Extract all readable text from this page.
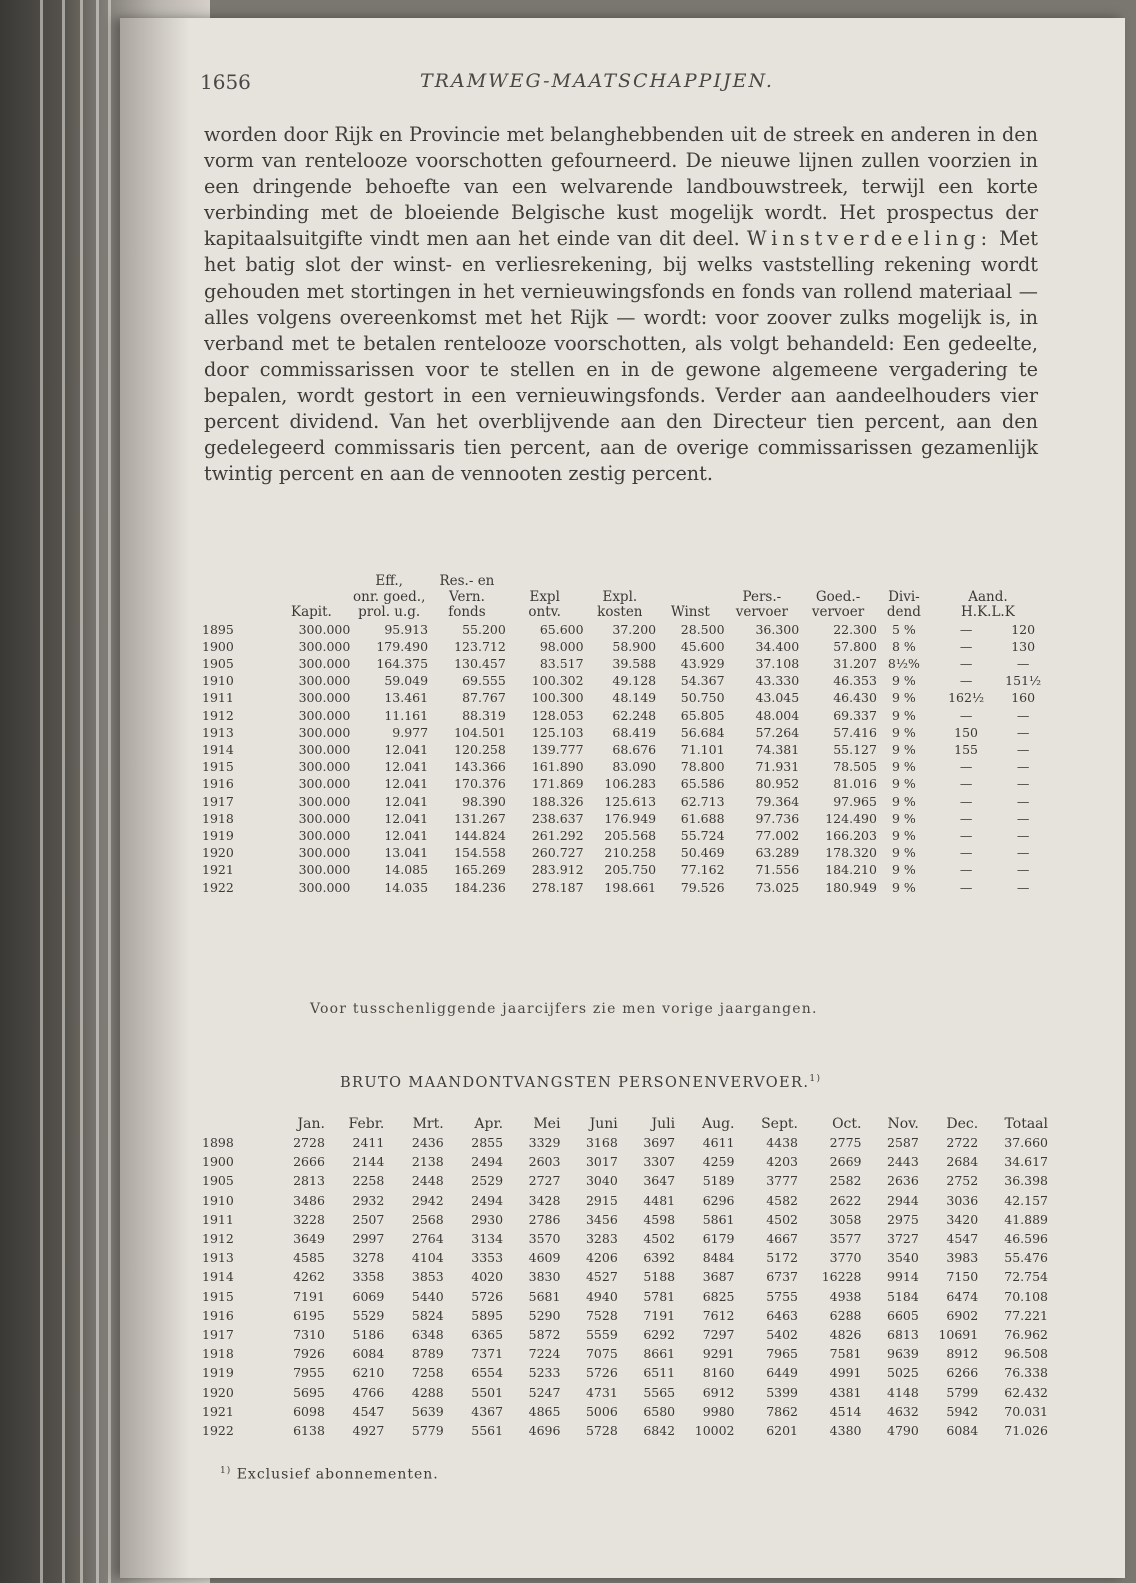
1656	TRAMWEG-MAATSCHAPPIJEN.
worden door Rijk en Provincie met belanghebbenden uit de streek en anderen in den vorm van rentelooze voorschotten gefourneerd. De nieuwe lijnen zullen voorzien in een dringende behoefte van een welvarende landbouwstreek, terwijl een korte verbinding met de bloeiende Belgische kust mogelijk wordt. Het prospectus der kapitaalsuitgifte vindt men aan het einde van dit deel. Winstverdeeling: Met het batig slot der winst- en verliesrekening, bij welks vaststelling rekening wordt gehouden met stortingen in het vernieuwingsfonds en fonds van rollend materiaal — alles volgens overeenkomst met het Rijk — wordt: voor zoover zulks mogelijk is, in verband met te betalen rentelooze voorschotten, als volgt behandeld: Een gedeelte, door commissarissen voor te stellen en in de gewone algemeene vergadering te bepalen, wordt gestort in een vernieuwingsfonds. Verder aan aandeelhouders vier percent dividend. Van het overblijvende aan den Directeur tien percent, aan den gedelegeerd commissaris tien percent, aan de overige commissarissen gezamenlijk twintig percent en aan de vennooten zestig percent.
		Eff.,	Res.- en								
		onr. goed.,	Vern.	Expl	Expl.		Pers.-	Goed.-	Divi-	Aand.	
	Kapit.	prol. u.g.	fonds	ontv.	kosten	Winst	vervoer	vervoer	dend	H.K.L.K	
1895	300.000	95.913	55.200	65.600	37.200	28.500	36.300	22.300	5 %	—	120
1900	300.000	179.490	123.712	98.000	58.900	45.600	34.400	57.800	8 %	—	130
1905	300.000	164.375	130.457	83.517	39.588	43.929	37.108	31.207	8½%	—	—
1910	300.000	59.049	69.555	100.302	49.128	54.367	43.330	46.353	9 %	—	151½
1911	300.000	13.461	87.767	100.300	48.149	50.750	43.045	46.430	9 %	162½	160
1912	300.000	11.161	88.319	128.053	62.248	65.805	48.004	69.337	9 %	—	—
1913	300.000	9.977	104.501	125.103	68.419	56.684	57.264	57.416	9 %	150	—
1914	300.000	12.041	120.258	139.777	68.676	71.101	74.381	55.127	9 %	155	—
1915	300.000	12.041	143.366	161.890	83.090	78.800	71.931	78.505	9 %	—	—
1916	300.000	12.041	170.376	171.869	106.283	65.586	80.952	81.016	9 %	—	—
1917	300.000	12.041	98.390	188.326	125.613	62.713	79.364	97.965	9 %	—	—
1918	300.000	12.041	131.267	238.637	176.949	61.688	97.736	124.490	9 %	—	—
1919	300.000	12.041	144.824	261.292	205.568	55.724	77.002	166.203	9 %	—	—
1920	300.000	13.041	154.558	260.727	210.258	50.469	63.289	178.320	9 %	—	—
1921	300.000	14.085	165.269	283.912	205.750	77.162	71.556	184.210	9 %	—	—
1922	300.000	14.035	184.236	278.187	198.661	79.526	73.025	180.949	9 %	—	—
Voor tusschenliggende jaarcijfers zie men vorige jaargangen.
BRUTO MAANDONTVANGSTEN PERSONENVERVOER.$^{1)}$
	Jan.	Febr.	Mrt.	Apr.	Mei	Juni	Juli	Aug.	Sept.	Oct.	Nov.	Dec.	Totaal
1898	2728	2411	2436	2855	3329	3168	3697	4611	4438	2775	2587	2722	37.660
1900	2666	2144	2138	2494	2603	3017	3307	4259	4203	2669	2443	2684	34.617
1905	2813	2258	2448	2529	2727	3040	3647	5189	3777	2582	2636	2752	36.398
1910	3486	2932	2942	2494	3428	2915	4481	6296	4582	2622	2944	3036	42.157
1911	3228	2507	2568	2930	2786	3456	4598	5861	4502	3058	2975	3420	41.889
1912	3649	2997	2764	3134	3570	3283	4502	6179	4667	3577	3727	4547	46.596
1913	4585	3278	4104	3353	4609	4206	6392	8484	5172	3770	3540	3983	55.476
1914	4262	3358	3853	4020	3830	4527	5188	3687	6737	16228	9914	7150	72.754
1915	7191	6069	5440	5726	5681	4940	5781	6825	5755	4938	5184	6474	70.108
1916	6195	5529	5824	5895	5290	7528	7191	7612	6463	6288	6605	6902	77.221
1917	7310	5186	6348	6365	5872	5559	6292	7297	5402	4826	6813	10691	76.962
1918	7926	6084	8789	7371	7224	7075	8661	9291	7965	7581	9639	8912	96.508
1919	7955	6210	7258	6554	5233	5726	6511	8160	6449	4991	5025	6266	76.338
1920	5695	4766	4288	5501	5247	4731	5565	6912	5399	4381	4148	5799	62.432
1921	6098	4547	5639	4367	4865	5006	6580	9980	7862	4514	4632	5942	70.031
1922	6138	4927	5779	5561	4696	5728	6842	10002	6201	4380	4790	6084	71.026
$^{1)}$ Exclusief abonnementen.
